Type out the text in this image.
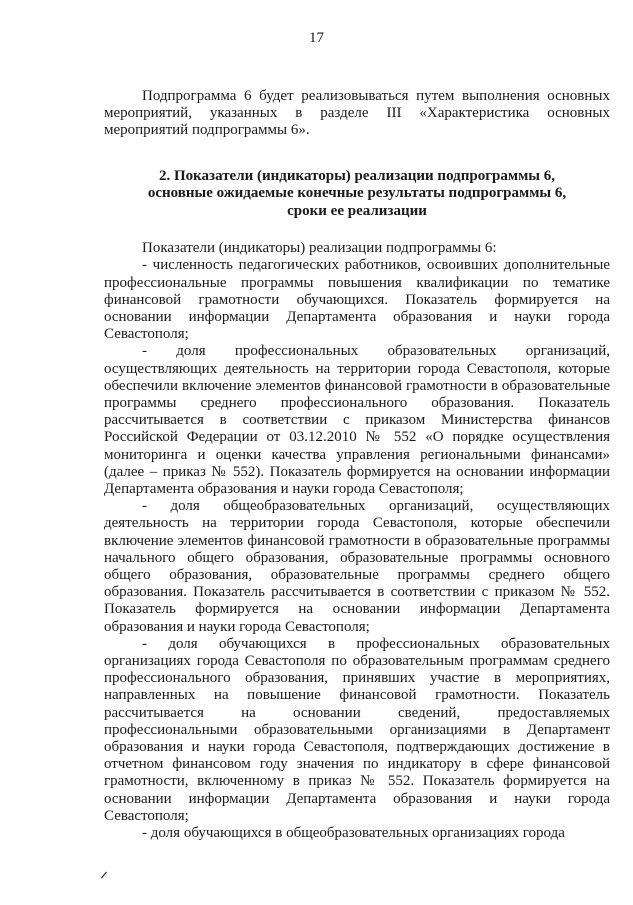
17

Подпрограмма 6 будет реализовываться путем выполнения основных мероприятий, указанных в разделе III «Характеристика основных мероприятий подпрограммы 6».

2. Показатели (индикаторы) реализации подпрограммы 6,
основные ожидаемые конечные результаты подпрограммы 6,
сроки ее реализации

Показатели (индикаторы) реализации подпрограммы 6:

- численность педагогических работников, освоивших дополнительные профессиональные программы повышения квалификации по тематике финансовой грамотности обучающихся. Показатель формируется на основании информации Департамента образования и науки города Севастополя;

- доля профессиональных образовательных организаций, осуществляющих деятельность на территории города Севастополя, которые обеспечили включение элементов финансовой грамотности в образовательные программы среднего профессионального образования. Показатель рассчитывается в соответствии с приказом Министерства финансов Российской Федерации от 03.12.2010 № 552 «О порядке осуществления мониторинга и оценки качества управления региональными финансами» (далее – приказ № 552). Показатель формируется на основании информации Департамента образования и науки города Севастополя;

- доля общеобразовательных организаций, осуществляющих деятельность на территории города Севастополя, которые обеспечили включение элементов финансовой грамотности в образовательные программы начального общего образования, образовательные программы основного общего образования, образовательные программы среднего общего образования. Показатель рассчитывается в соответствии с приказом № 552. Показатель формируется на основании информации Департамента образования и науки города Севастополя;

- доля обучающихся в профессиональных образовательных организациях города Севастополя по образовательным программам среднего профессионального образования, принявших участие в мероприятиях, направленных на повышение финансовой грамотности. Показатель рассчитывается на основании сведений, предоставляемых профессиональными образовательными организациями в Департамент образования и науки города Севастополя, подтверждающих достижение в отчетном финансовом году значения по индикатору в сфере финансовой грамотности, включенному в приказ № 552. Показатель формируется на основании информации Департамента образования и науки города Севастополя;

- доля обучающихся в общеобразовательных организациях города
